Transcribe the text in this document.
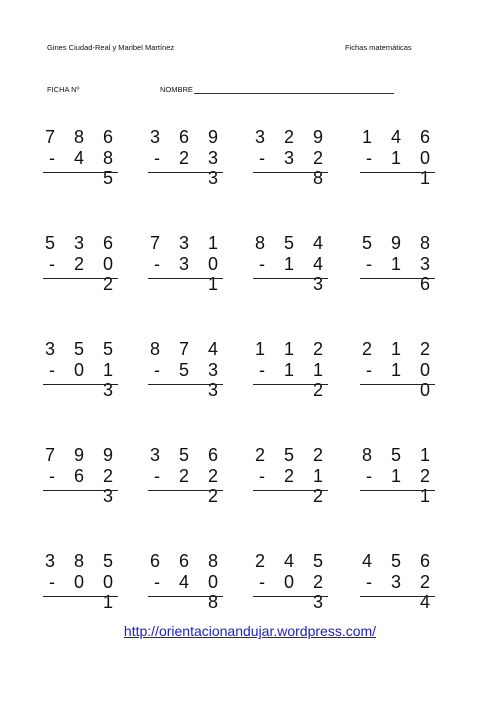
Gines Ciudad-Real y Maribel Martínez	Fichas matemáticas
FICHA Nº	NOMBRE
7 8 6
- 4 8 5
3 6 9
- 2 3 3
3 2 9
- 3 2 8
1 4 6
- 1 0 1
5 3 6
- 2 0 2
7 3 1
- 3 0 1
8 5 4
- 1 4 3
5 9 8
- 1 3 6
3 5 5
- 0 1 3
8 7 4
- 5 3 3
1 1 2
- 1 1 2
2 1 2
- 1 0 0
7 9 9
- 6 2 3
3 5 6
- 2 2 2
2 5 2
- 2 1 2
8 5 1
- 1 2 1
3 8 5
- 0 0 1
6 6 8
- 4 0 8
2 4 5
- 0 2 3
4 5 6
- 3 2 4
http://orientacionandujar.wordpress.com/
